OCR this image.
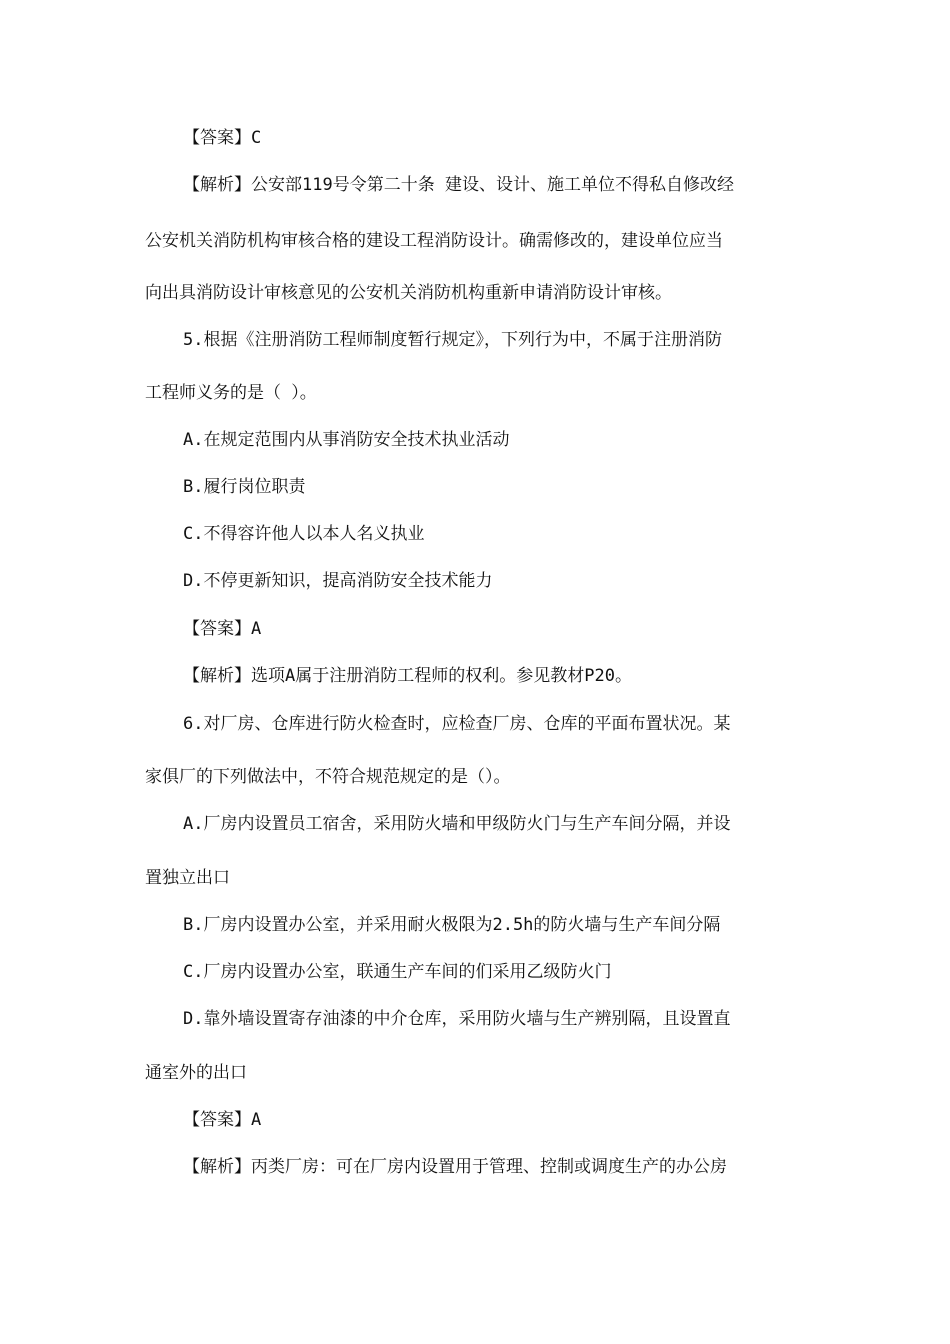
【答案】C
【解析】公安部119号令第二十条 建设、设计、施工单位不得私自修改经
公安机关消防机构审核合格的建设工程消防设计。确需修改的，建设单位应当
向出具消防设计审核意见的公安机关消防机构重新申请消防设计审核。
5.根据《注册消防工程师制度暂行规定》，下列行为中，不属于注册消防
工程师义务的是（ ）。
A.在规定范围内从事消防安全技术执业活动
B.履行岗位职责
C.不得容许他人以本人名义执业
D.不停更新知识，提高消防安全技术能力
【答案】A
【解析】选项A属于注册消防工程师的权利。参见教材P20。
6.对厂房、仓库进行防火检查时，应检查厂房、仓库的平面布置状况。某
家俱厂的下列做法中，不符合规范规定的是（）。
A.厂房内设置员工宿舍，采用防火墙和甲级防火门与生产车间分隔，并设
置独立出口
B.厂房内设置办公室，并采用耐火极限为2.5h的防火墙与生产车间分隔
C.厂房内设置办公室，联通生产车间的们采用乙级防火门
D.靠外墙设置寄存油漆的中介仓库，采用防火墙与生产辨别隔，且设置直
通室外的出口
【答案】A
【解析】丙类厂房：可在厂房内设置用于管理、控制或调度生产的办公房
